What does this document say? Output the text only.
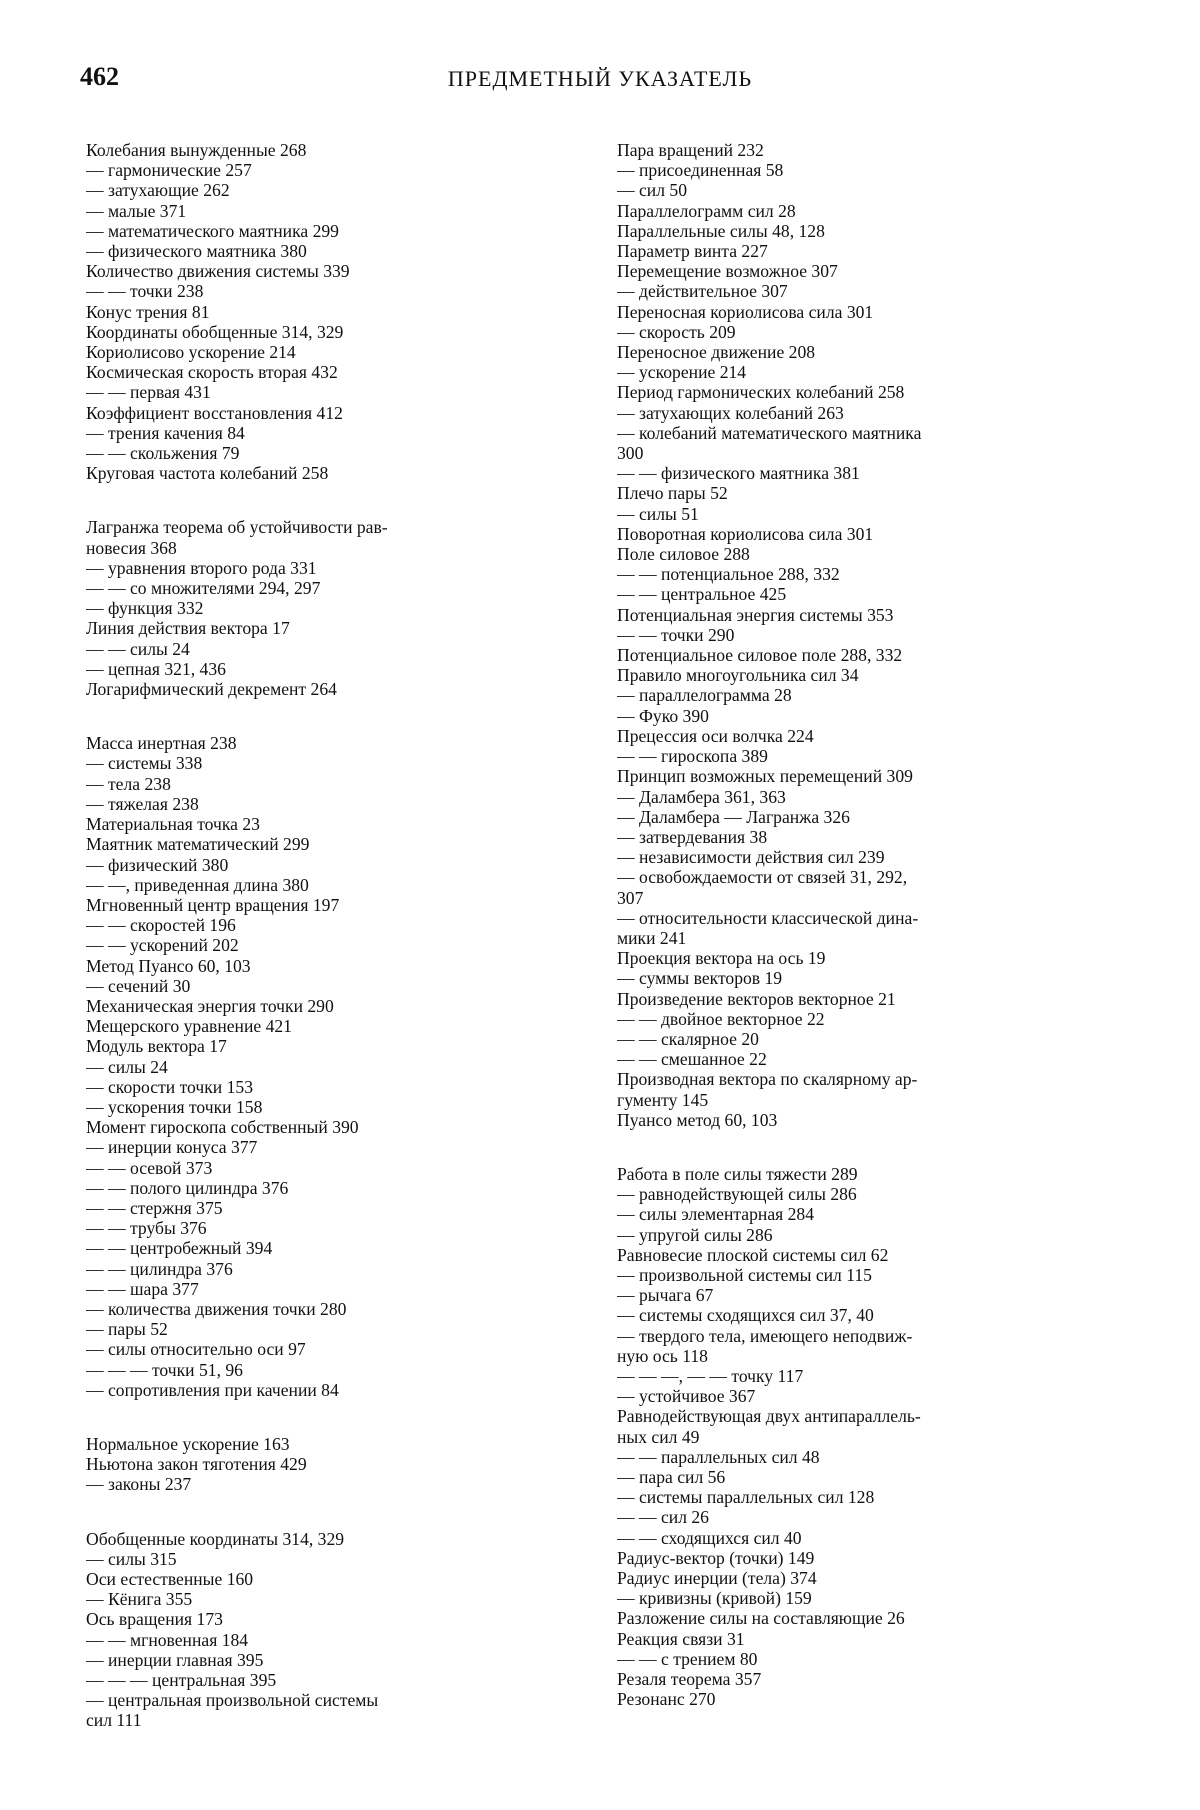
462	ПРЕДМЕТНЫЙ УКАЗАТЕЛЬ
Колебания вынужденные 268
— гармонические 257
— затухающие 262
— малые 371
— математического маятника 299
— физического маятника 380
Количество движения системы 339
— — точки 238
Конус трения 81
Координаты обобщенные 314, 329
Кориолисово ускорение 214
Космическая скорость вторая 432
— — первая 431
Коэффициент восстановления 412
— трения качения 84
— — скольжения 79
Круговая частота колебаний 258
Лагранжа теорема об устойчивости рав-
новесия 368
— уравнения второго рода 331
— — со множителями 294, 297
— функция 332
Линия действия вектора 17
— — силы 24
— цепная 321, 436
Логарифмический декремент 264
Масса инертная 238
— системы 338
— тела 238
— тяжелая 238
Материальная точка 23
Маятник математический 299
— физический 380
— —, приведенная длина 380
Мгновенный центр вращения 197
— — скоростей 196
— — ускорений 202
Метод Пуансо 60, 103
— сечений 30
Механическая энергия точки 290
Мещерского уравнение 421
Модуль вектора 17
— силы 24
— скорости точки 153
— ускорения точки 158
Момент гироскопа собственный 390
— инерции конуса 377
— — осевой 373
— — полого цилиндра 376
— — стержня 375
— — трубы 376
— — центробежный 394
— — цилиндра 376
— — шара 377
— количества движения точки 280
— пары 52
— силы относительно оси 97
— — — точки 51, 96
— сопротивления при качении 84
Нормальное ускорение 163
Ньютона закон тяготения 429
— законы 237
Обобщенные координаты 314, 329
— силы 315
Оси естественные 160
— Кёнига 355
Ось вращения 173
— — мгновенная 184
— инерции главная 395
— — — центральная 395
— центральная произвольной системы
сил 111
Пара вращений 232
— присоединенная 58
— сил 50
Параллелограмм сил 28
Параллельные силы 48, 128
Параметр винта 227
Перемещение возможное 307
— действительное 307
Переносная кориолисова сила 301
— скорость 209
Переносное движение 208
— ускорение 214
Период гармонических колебаний 258
— затухающих колебаний 263
— колебаний математического маятника
300
— — физического маятника 381
Плечо пары 52
— силы 51
Поворотная кориолисова сила 301
Поле силовое 288
— — потенциальное 288, 332
— — центральное 425
Потенциальная энергия системы 353
— — точки 290
Потенциальное силовое поле 288, 332
Правило многоугольника сил 34
— параллелограмма 28
— Фуко 390
Прецессия оси волчка 224
— — гироскопа 389
Принцип возможных перемещений 309
— Даламбера 361, 363
— Даламбера — Лагранжа 326
— затвердевания 38
— независимости действия сил 239
— освобождаемости от связей 31, 292,
307
— относительности классической дина-
мики 241
Проекция вектора на ось 19
— суммы векторов 19
Произведение векторов векторное 21
— — двойное векторное 22
— — скалярное 20
— — смешанное 22
Производная вектора по скалярному ар-
гументу 145
Пуансо метод 60, 103
Работа в поле силы тяжести 289
— равнодействующей силы 286
— силы элементарная 284
— упругой силы 286
Равновесие плоской системы сил 62
— произвольной системы сил 115
— рычага 67
— системы сходящихся сил 37, 40
— твердого тела, имеющего неподвиж-
ную ось 118
— — —, — — точку 117
— устойчивое 367
Равнодействующая двух антипараллель-
ных сил 49
— — параллельных сил 48
— пара сил 56
— системы параллельных сил 128
— — сил 26
— — сходящихся сил 40
Радиус-вектор (точки) 149
Радиус инерции (тела) 374
— кривизны (кривой) 159
Разложение силы на составляющие 26
Реакция связи 31
— — с трением 80
Резаля теорема 357
Резонанс 270
